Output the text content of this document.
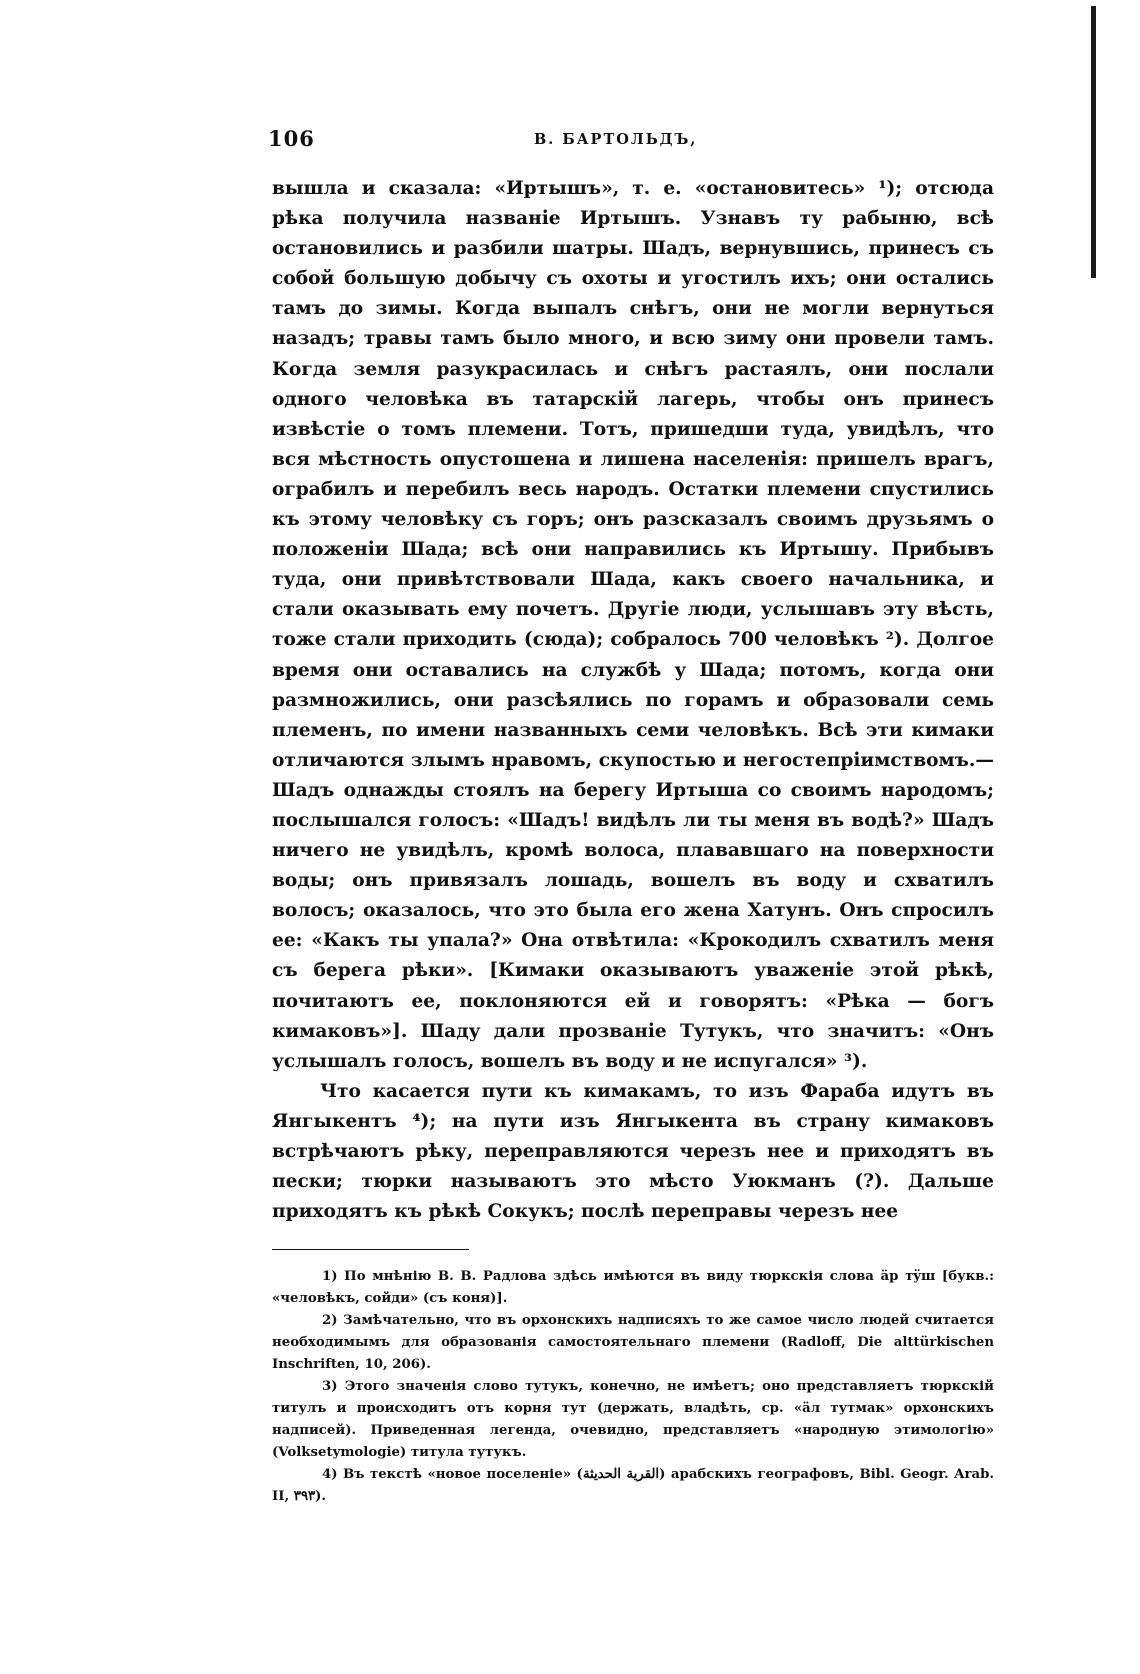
106	В. БАРТОЛЬДЪ,

вышла и сказала: «Иртышъ», т. е. «остановитесь» ¹); отсюда рѣка получила названіе Иртышъ. Узнавъ ту рабыню, всѣ остановились и разбили шатры. Шадъ, вернувшись, принесъ съ собой большую добычу съ охоты и угостилъ ихъ; они остались тамъ до зимы. Когда выпалъ снѣгъ, они не могли вернуться назадъ; травы тамъ было много, и всю зиму они провели тамъ. Когда земля разукрасилась и снѣгъ растаялъ, они послали одного человѣка въ татарскій лагерь, чтобы онъ принесъ извѣстіе о томъ племени. Тотъ, пришедши туда, увидѣлъ, что вся мѣстность опустошена и лишена населенія: пришелъ врагъ, ограбилъ и перебилъ весь народъ. Остатки племени спустились къ этому человѣку съ горъ; онъ разсказалъ своимъ друзьямъ о положеніи Шада; всѣ они направились къ Иртышу. Прибывъ туда, они привѣтствовали Шада, какъ своего начальника, и стали оказывать ему почетъ. Другіе люди, услышавъ эту вѣсть, тоже стали приходить (сюда); собралось 700 человѣкъ ²). Долгое время они оставались на службѣ у Шада; потомъ, когда они размножились, они разсѣялись по горамъ и образовали семь племенъ, по имени названныхъ семи человѣкъ. Всѣ эти кимаки отличаются злымъ нравомъ, скупостью и негостепріимствомъ.—Шадъ однажды стоялъ на берегу Иртыша со своимъ народомъ; послышался голосъ: «Шадъ! видѣлъ ли ты меня въ водѣ?» Шадъ ничего не увидѣлъ, кромѣ волоса, плававшаго на поверхности воды; онъ привязалъ лошадь, вошелъ въ воду и схватилъ волосъ; оказалось, что это была его жена Хатунъ. Онъ спросилъ ее: «Какъ ты упала?» Она отвѣтила: «Крокодилъ схватилъ меня съ берега рѣки». [Кимаки оказываютъ уваженіе этой рѣкѣ, почитаютъ ее, поклоняются ей и говорятъ: «Рѣка — богъ кимаковъ»]. Шаду дали прозваніе Тутукъ, что значитъ: «Онъ услышалъ голосъ, вошелъ въ воду и не испугался» ³).

Что касается пути къ кимакамъ, то изъ Фараба идутъ въ Янгыкентъ ⁴); на пути изъ Янгыкента въ страну кимаковъ встрѣчаютъ рѣку, переправляются черезъ нее и приходятъ въ пески; тюрки называютъ это мѣсто Уюкманъ (?). Дальше приходятъ къ рѣкѣ Сокукъ; послѣ переправы черезъ нее

1) По мнѣнію В. В. Радлова здѣсь имѣются въ виду тюркскія слова äр тÿш [букв.: «человѣкъ, сойди» (съ коня)].

2) Замѣчательно, что въ орхонскихъ надписяхъ то же самое число людей считается необходимымъ для образованія самостоятельнаго племени (Radloff, Die alttürkischen Inschriften, 10, 206).

3) Этого значенія слово тутукъ, конечно, не имѣетъ; оно представляетъ тюркскій титулъ и происходитъ отъ корня тут (держать, владѣть, ср. «äл тутмак» орхонскихъ надписей). Приведенная легенда, очевидно, представляетъ «народную этимологію» (Volksetymologie) титула тутукъ.

4) Въ текстѣ «новое поселеніе» (القرية الحديثة) арабскихъ географовъ, Bibl. Geogr. Arab. II, ٣٩٣).
